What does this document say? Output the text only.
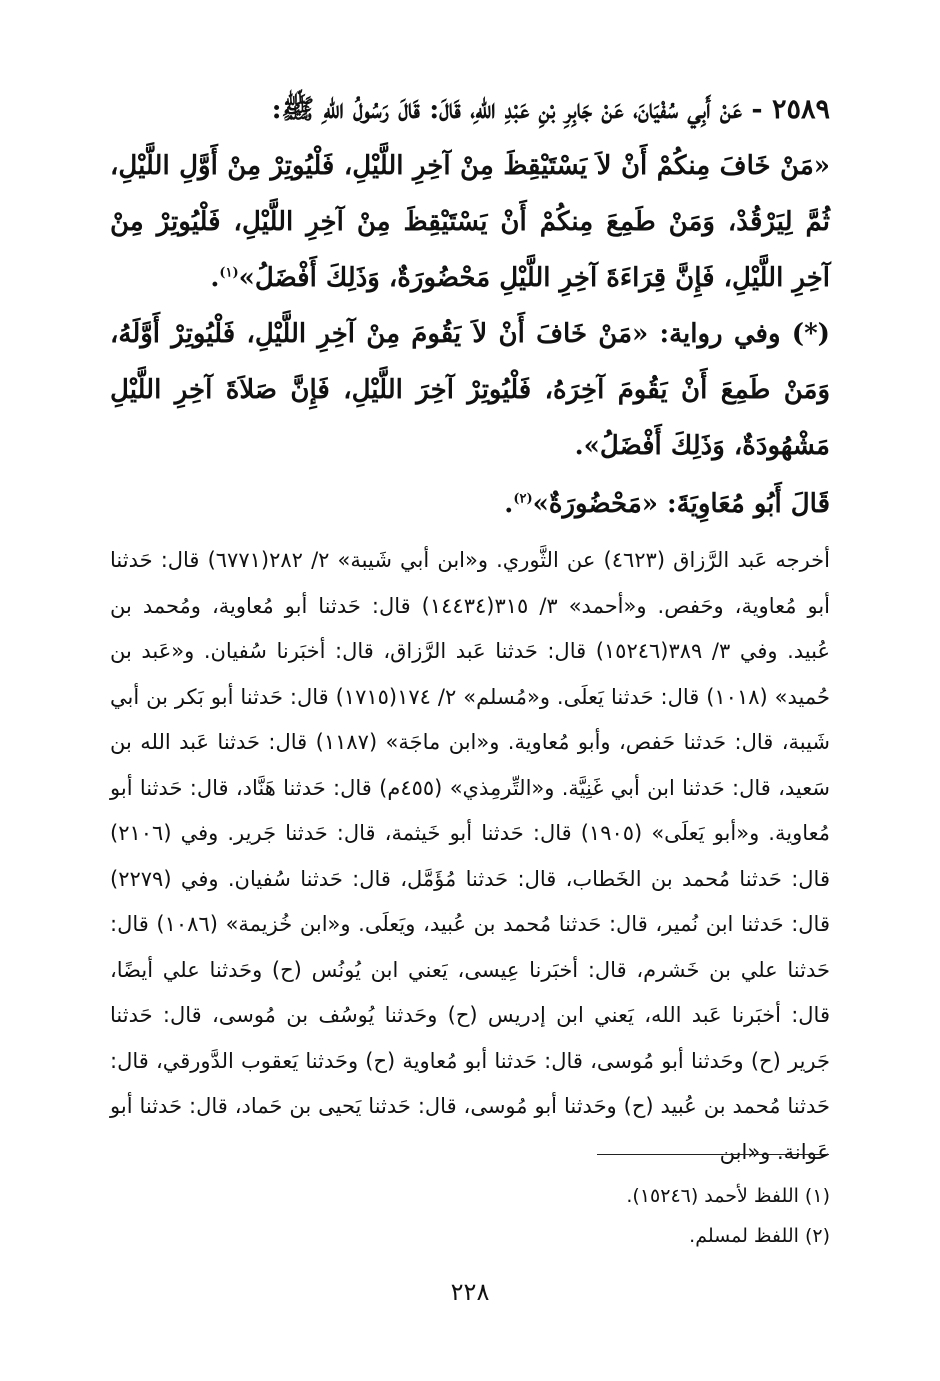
٢٥٨٩ - عَنْ أَبِي سُفْيَانَ، عَنْ جَابِرِ بْنِ عَبْدِ اللهِ، قَالَ: قَالَ رَسُولُ اللهِ ﷺ:

«مَنْ خَافَ مِنكُمْ أَنْ لاَ يَسْتَيْقِظَ مِنْ آخِرِ اللَّيْلِ، فَلْيُوتِرْ مِنْ أَوَّلِ اللَّيْلِ، ثُمَّ لِيَرْقُدْ، وَمَنْ طَمِعَ مِنكُمْ أَنْ يَسْتَيْقِظَ مِنْ آخِرِ اللَّيْلِ، فَلْيُوتِرْ مِنْ آخِرِ اللَّيْلِ، فَإِنَّ قِرَاءَةَ آخِرِ اللَّيْلِ مَحْضُورَةٌ، وَذَلِكَ أَفْضَلُ»$^{(١)}$.

(*) وفي رواية: «مَنْ خَافَ أَنْ لاَ يَقُومَ مِنْ آخِرِ اللَّيْلِ، فَلْيُوتِرْ أَوَّلَهُ، وَمَنْ طَمِعَ أَنْ يَقُومَ آخِرَهُ، فَلْيُوتِرْ آخِرَ اللَّيْلِ، فَإِنَّ صَلاَةَ آخِرِ اللَّيْلِ مَشْهُودَةٌ، وَذَلِكَ أَفْضَلُ».

قَالَ أَبُو مُعَاوِيَةَ: «مَحْضُورَةٌ»$^{(٢)}$.

أخرجه عَبد الرَّزاق (٤٦٢٣) عن الثَّوري. و«ابن أبي شَيبة» ٢/ ٢٨٢(٦٧٧١) قال: حَدثنا أبو مُعاوية، وحَفص. و«أحمد» ٣/ ٣١٥(١٤٤٣٤) قال: حَدثنا أبو مُعاوية، ومُحمد بن عُبيد. وفي ٣/ ٣٨٩(١٥٢٤٦) قال: حَدثنا عَبد الرَّزاق، قال: أخبَرنا سُفيان. و«عَبد بن حُميد» (١٠١٨) قال: حَدثنا يَعلَى. و«مُسلم» ٢/ ١٧٤(١٧١٥) قال: حَدثنا أبو بَكر بن أبي شَيبة، قال: حَدثنا حَفص، وأبو مُعاوية. و«ابن ماجَة» (١١٨٧) قال: حَدثنا عَبد الله بن سَعيد، قال: حَدثنا ابن أبي غَنِيَّة. و«التِّرمِذي» (٤٥٥م) قال: حَدثنا هَنَّاد، قال: حَدثنا أبو مُعاوية. و«أبو يَعلَى» (١٩٠٥) قال: حَدثنا أبو خَيثمة، قال: حَدثنا جَرير. وفي (٢١٠٦) قال: حَدثنا مُحمد بن الخَطاب، قال: حَدثنا مُؤَمَّل، قال: حَدثنا سُفيان. وفي (٢٢٧٩) قال: حَدثنا ابن نُمير، قال: حَدثنا مُحمد بن عُبيد، ويَعلَى. و«ابن خُزيمة» (١٠٨٦) قال: حَدثنا علي بن خَشرم، قال: أخبَرنا عِيسى، يَعني ابن يُونُس (ح) وحَدثنا علي أيضًا، قال: أخبَرنا عَبد الله، يَعني ابن إدريس (ح) وحَدثنا يُوسُف بن مُوسى، قال: حَدثنا جَرير (ح) وحَدثنا أبو مُوسى، قال: حَدثنا أبو مُعاوية (ح) وحَدثنا يَعقوب الدَّورقي، قال: حَدثنا مُحمد بن عُبيد (ح) وحَدثنا أبو مُوسى، قال: حَدثنا يَحيى بن حَماد، قال: حَدثنا أبو عَوانة. و«ابن

(١) اللفظ لأحمد (١٥٢٤٦).

(٢) اللفظ لمسلم.

٢٢٨
